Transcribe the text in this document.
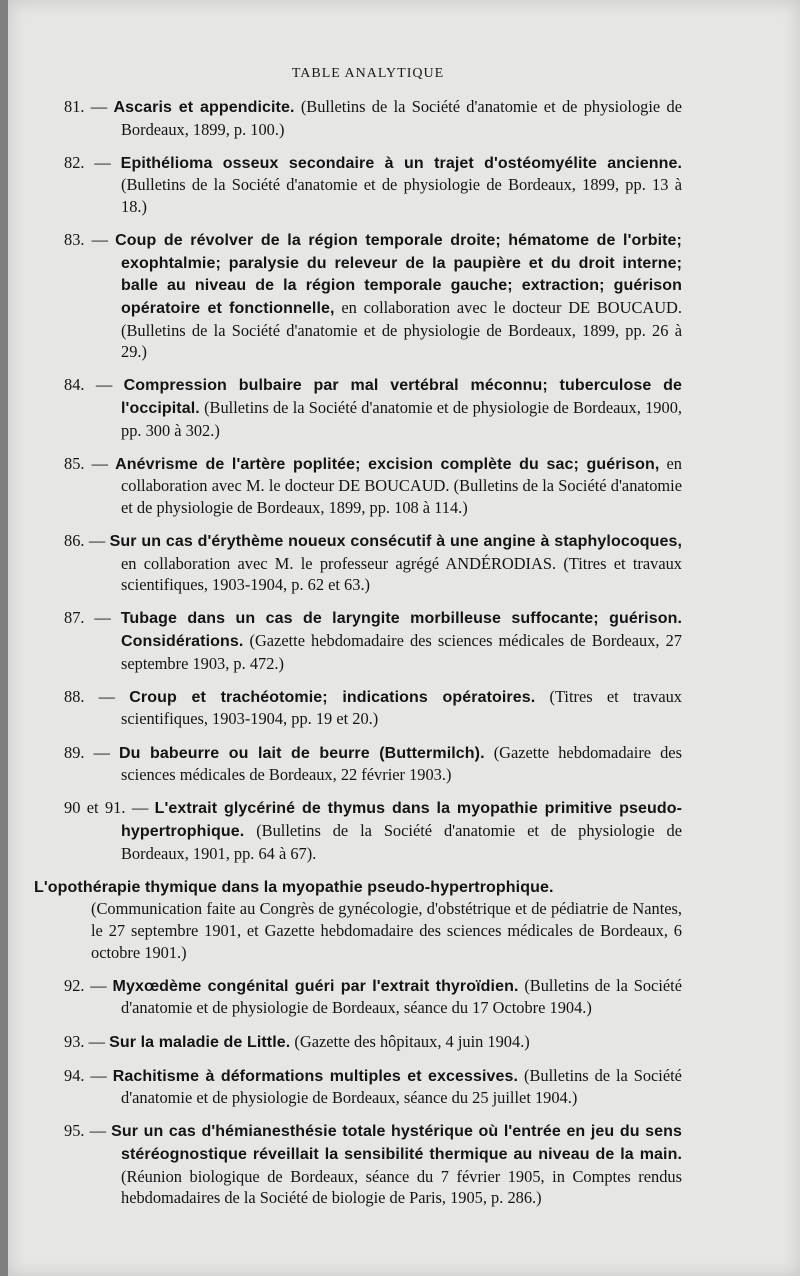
TABLE ANALYTIQUE

81. — Ascaris et appendicite. (Bulletins de la Société d'anatomie et de physiologie de Bordeaux, 1899, p. 100.)

82. — Epithélioma osseux secondaire à un trajet d'ostéomyélite ancienne. (Bulletins de la Société d'anatomie et de physiologie de Bordeaux, 1899, pp. 13 à 18.)

83. — Coup de révolver de la région temporale droite; hématome de l'orbite; exophtalmie; paralysie du releveur de la paupière et du droit interne; balle au niveau de la région temporale gauche; extraction; guérison opératoire et fonctionnelle, en collaboration avec le docteur DE BOUCAUD. (Bulletins de la Société d'anatomie et de physiologie de Bordeaux, 1899, pp. 26 à 29.)

84. — Compression bulbaire par mal vertébral méconnu; tuberculose de l'occipital. (Bulletins de la Société d'anatomie et de physiologie de Bordeaux, 1900, pp. 300 à 302.)

85. — Anévrisme de l'artère poplitée; excision complète du sac; guérison, en collaboration avec M. le docteur DE BOUCAUD. (Bulletins de la Société d'anatomie et de physiologie de Bordeaux, 1899, pp. 108 à 114.)

86. — Sur un cas d'érythème noueux consécutif à une angine à staphylocoques, en collaboration avec M. le professeur agrégé ANDÉRODIAS. (Titres et travaux scientifiques, 1903-1904, p. 62 et 63.)

87. — Tubage dans un cas de laryngite morbilleuse suffocante; guérison. Considérations. (Gazette hebdomadaire des sciences médicales de Bordeaux, 27 septembre 1903, p. 472.)

88. — Croup et trachéotomie; indications opératoires. (Titres et travaux scientifiques, 1903-1904, pp. 19 et 20.)

89. — Du babeurre ou lait de beurre (Buttermilch). (Gazette hebdomadaire des sciences médicales de Bordeaux, 22 février 1903.)

90 et 91. — L'extrait glycériné de thymus dans la myopathie primitive pseudo-hypertrophique. (Bulletins de la Société d'anatomie et de physiologie de Bordeaux, 1901, pp. 64 à 67).

L'opothérapie thymique dans la myopathie pseudo-hypertrophique.
(Communication faite au Congrès de gynécologie, d'obstétrique et de pédiatrie de Nantes, le 27 septembre 1901, et Gazette hebdomadaire des sciences médicales de Bordeaux, 6 octobre 1901.)

92. — Myxœdème congénital guéri par l'extrait thyroïdien. (Bulletins de la Société d'anatomie et de physiologie de Bordeaux, séance du 17 Octobre 1904.)

93. — Sur la maladie de Little. (Gazette des hôpitaux, 4 juin 1904.)

94. — Rachitisme à déformations multiples et excessives. (Bulletins de la Société d'anatomie et de physiologie de Bordeaux, séance du 25 juillet 1904.)

95. — Sur un cas d'hémianesthésie totale hystérique où l'entrée en jeu du sens stéréognostique réveillait la sensibilité thermique au niveau de la main. (Réunion biologique de Bordeaux, séance du 7 février 1905, in Comptes rendus hebdomadaires de la Société de biologie de Paris, 1905, p. 286.)
